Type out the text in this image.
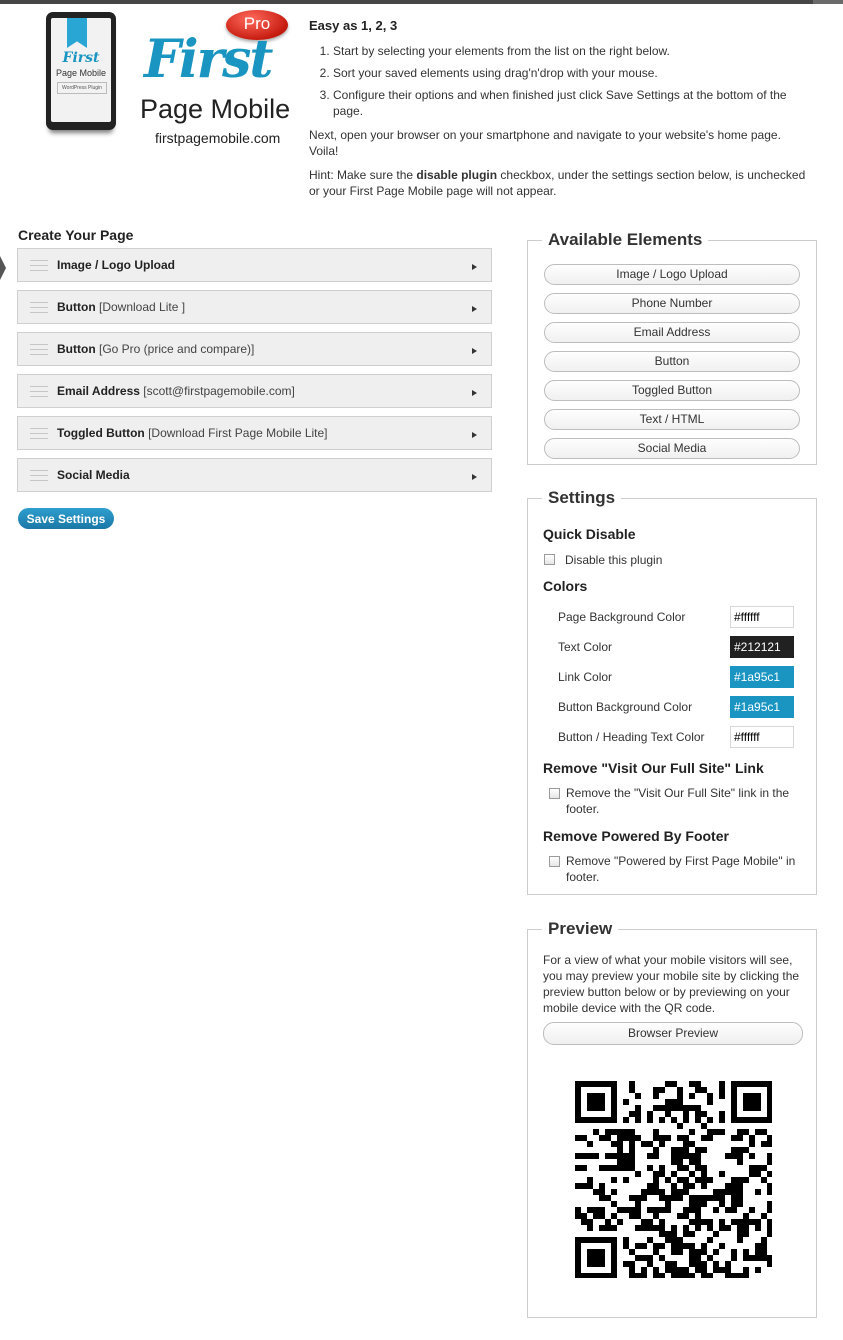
First
Page Mobile
WordPress Plugin
Pro
First
Page Mobile
firstpagemobile.com
Easy as 1, 2, 3
1. Start by selecting your elements from the list on the right below.
2. Sort your saved elements using drag'n'drop with your mouse.
3. Configure their options and when finished just click Save Settings at the bottom of the page.

Next, open your browser on your smartphone and navigate to your website's home page. Voila!

Hint: Make sure the disable plugin checkbox, under the settings section below, is unchecked or your First Page Mobile page will not appear.

Create Your Page
Image / Logo Upload
Button [Download Lite ]
Button [Go Pro (price and compare)]
Email Address [scott@firstpagemobile.com]
Toggled Button [Download First Page Mobile Lite]
Social Media
Save Settings
Available Elements
Image / Logo Upload
Phone Number
Email Address
Button
Toggled Button
Text / HTML
Social Media
Settings
Quick Disable
Disable this plugin
Colors
Page Background Color
#ffffff
Text Color
#212121
Link Color
#1a95c1
Button Background Color
#1a95c1
Button / Heading Text Color
#ffffff
Remove "Visit Our Full Site" Link
Remove the "Visit Our Full Site" link in the footer.
Remove Powered By Footer
Remove "Powered by First Page Mobile" in footer.
Preview
For a view of what your mobile visitors will see, you may preview your mobile site by clicking the preview button below or by previewing on your mobile device with the QR code.
Browser Preview
